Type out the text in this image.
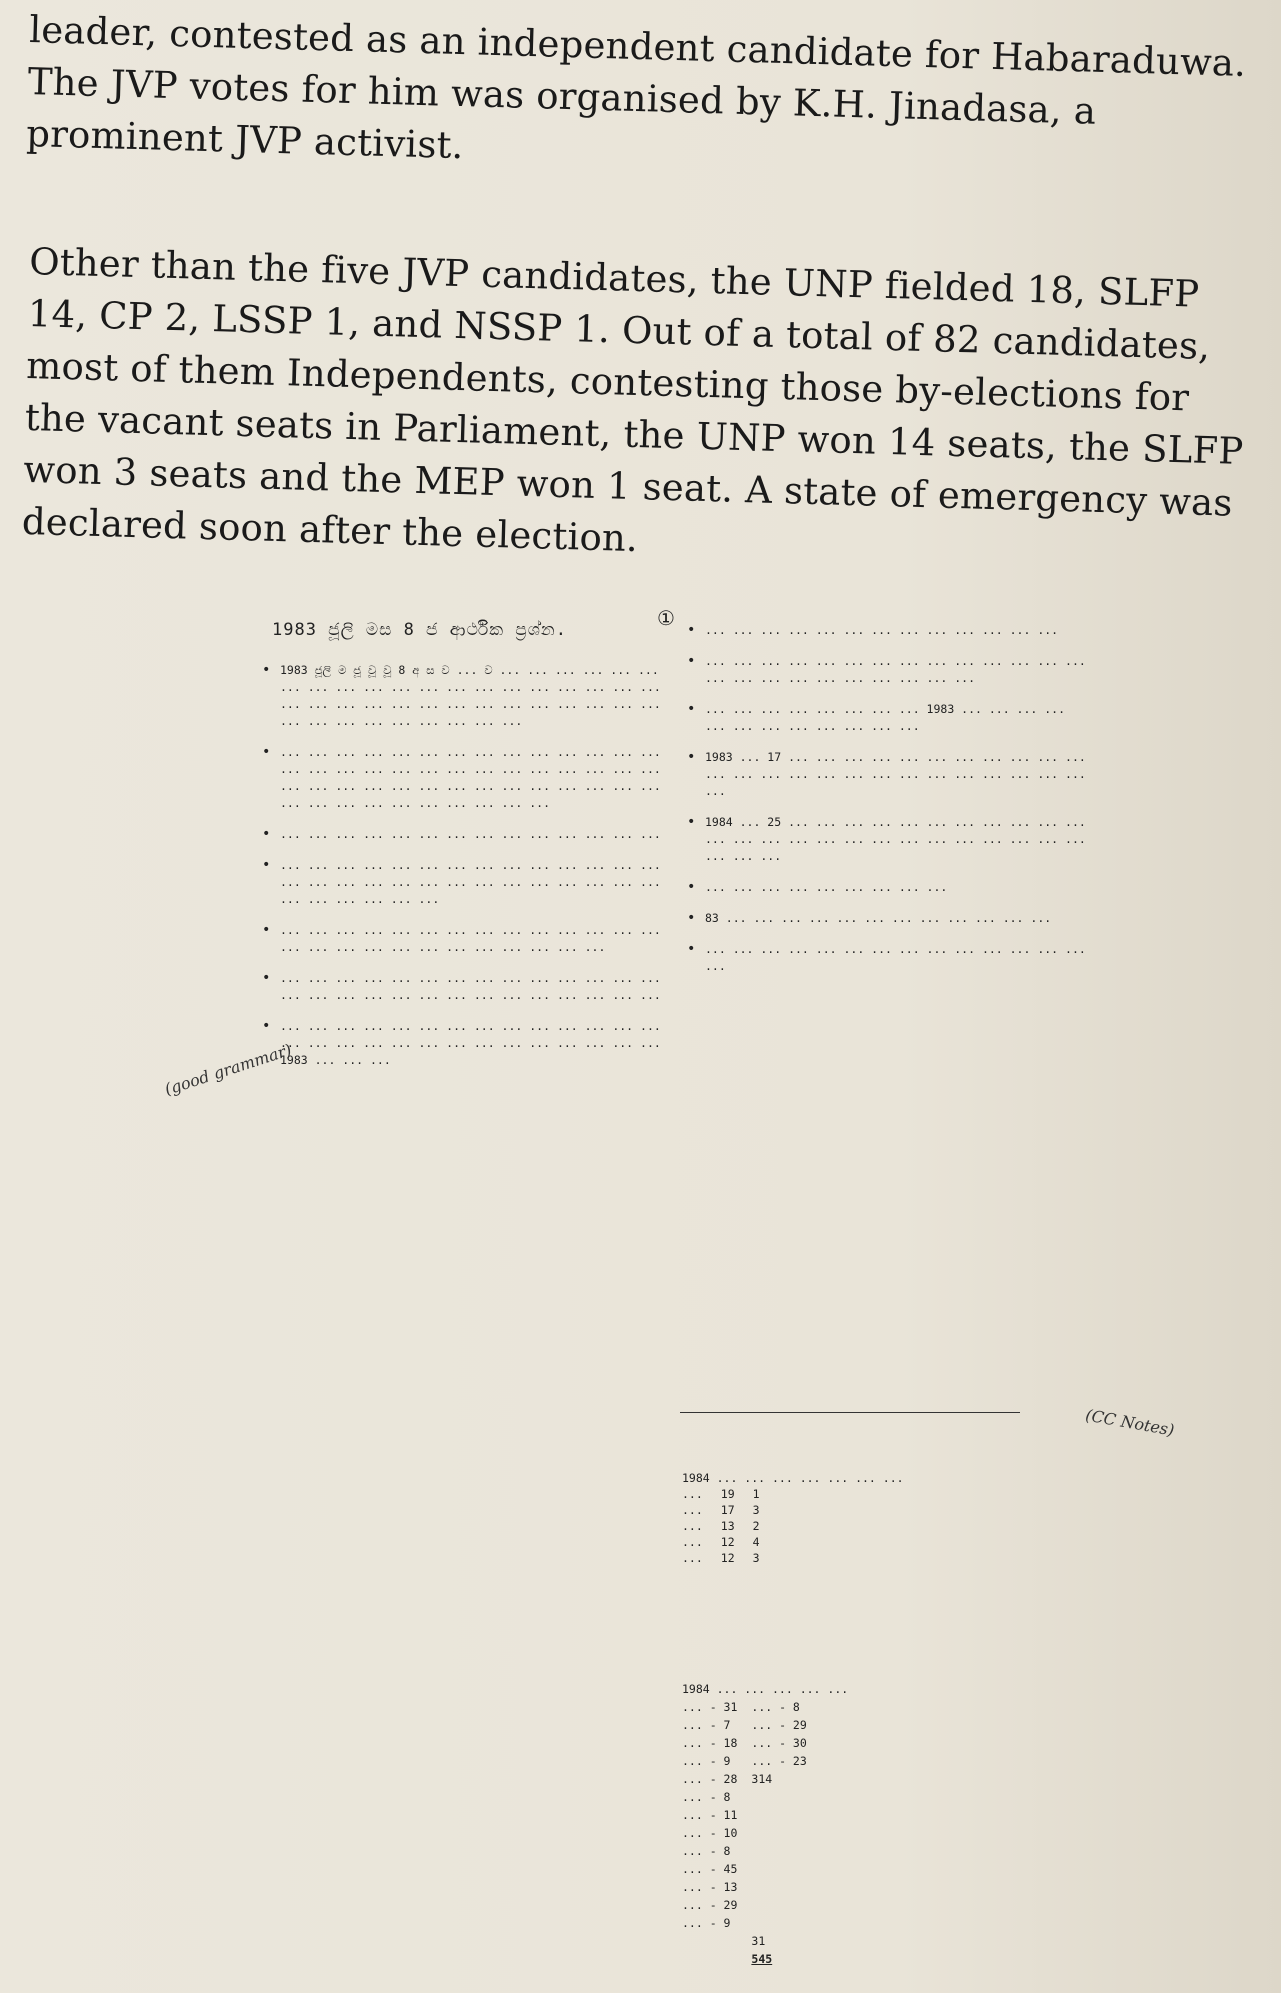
leader, contested as an independent candidate for Habaraduwa. The JVP votes for him was organised by K.H. Jinadasa, a prominent JVP activist.

Other than the five JVP candidates, the UNP fielded 18, SLFP 14, CP 2, LSSP 1, and NSSP 1. Out of a total of 82 candidates, most of them Independents, contesting those by-elections for the vacant seats in Parliament, the UNP won 14 seats, the SLFP won 3 seats and the MEP won 1 seat. A state of emergency was declared soon after the election.

1983 ජූලි මස 8 ජ ආර්ථික ප්‍රශ්න.	①
• 1983 ජූලි ම ජූ වූ වූ 8 අ ස ව ... ව ... ... ... ... ... ... ... ... ... ... ... ... ... ... ... ... ... ... ... ... ... ... ... ... ... ... ... ... ... ... ... ... ... ... ... ... ... ... ... ... ... ... ...
• ... ... ... ... ... ... ... ... ... ... ... ... ... ... ... ... ... ... ... ... ... ... ... ... ... ... ... ... ... ... ... ... ... ... ... ... ... ... ... ... ... ... ... ... ... ... ... ... ... ... ... ...
• ... ... ... ... ... ... ... ... ... ... ... ... ... ...
• ... ... ... ... ... ... ... ... ... ... ... ... ... ... ... ... ... ... ... ... ... ... ... ... ... ... ... ... ... ... ... ... ... ...
• ... ... ... ... ... ... ... ... ... ... ... ... ... ... ... ... ... ... ... ... ... ... ... ... ... ...
• ... ... ... ... ... ... ... ... ... ... ... ... ... ... ... ... ... ... ... ... ... ... ... ... ... ... ... ...
• ... ... ... ... ... ... ... ... ... ... ... ... ... ... ... ... ... ... ... ... ... ... ... ... ... ... ... ... 1983 ... ... ...
• ... ... ... ... ... ... ... ... ... ... ... ... ...
• ... ... ... ... ... ... ... ... ... ... ... ... ... ... ... ... ... ... ... ... ... ... ... ...
• ... ... ... ... ... ... ... ... 1983 ... ... ... ... ... ... ... ... ... ... ... ...
• 1983 ... 17 ... ... ... ... ... ... ... ... ... ... ... ... ... ... ... ... ... ... ... ... ... ... ... ... ... ...
• 1984 ... 25 ... ... ... ... ... ... ... ... ... ... ... ... ... ... ... ... ... ... ... ... ... ... ... ... ... ... ... ...
• ... ... ... ... ... ... ... ... ...
• 83 ... ... ... ... ... ... ... ... ... ... ... ...
• ... ... ... ... ... ... ... ... ... ... ... ... ... ... ...
(good grammar)
(CC Notes)
1984 ... ... ... ... ... ... ...
...	19	1
...	17	3
...	13	2
...	12	4
...	12	3
1984 ... ... ... ... ...
... - 31	... - 8
... - 7	... - 29
... - 18	... - 30
... - 9	... - 23
... - 28	314
... - 8	
... - 11	
... - 10	
... - 8	
... - 45	
... - 13	
... - 29	
... - 9	
	31
	545
